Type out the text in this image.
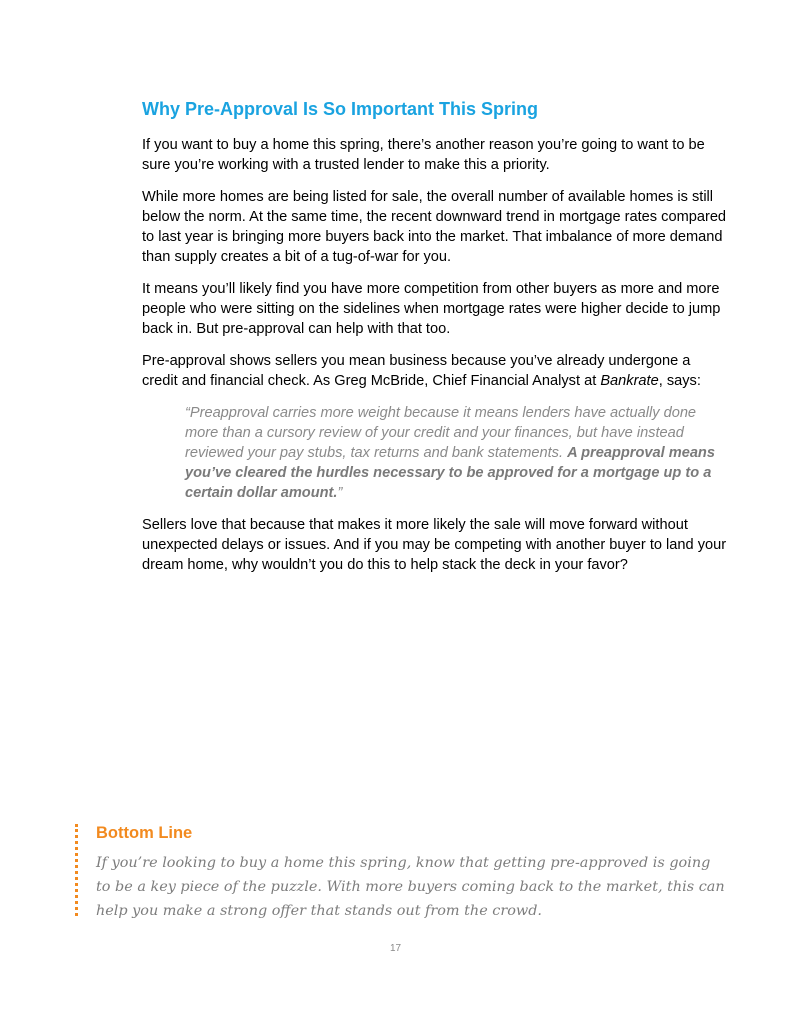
Why Pre-Approval Is So Important This Spring

If you want to buy a home this spring, there’s another reason you’re going to want to be sure you’re working with a trusted lender to make this a priority.

While more homes are being listed for sale, the overall number of available homes is still below the norm. At the same time, the recent downward trend in mortgage rates compared to last year is bringing more buyers back into the market. That imbalance of more demand than supply creates a bit of a tug-of-war for you.

It means you’ll likely find you have more competition from other buyers as more and more people who were sitting on the sidelines when mortgage rates were higher decide to jump back in. But pre-approval can help with that too.

Pre-approval shows sellers you mean business because you’ve already undergone a credit and financial check. As Greg McBride, Chief Financial Analyst at Bankrate, says:

“Preapproval carries more weight because it means lenders have actually done more than a cursory review of your credit and your finances, but have instead reviewed your pay stubs, tax returns and bank statements. A preapproval means you’ve cleared the hurdles necessary to be approved for a mortgage up to a certain dollar amount.”

Sellers love that because that makes it more likely the sale will move forward without unexpected delays or issues. And if you may be competing with another buyer to land your dream home, why wouldn’t you do this to help stack the deck in your favor?

Bottom Line

If you’re looking to buy a home this spring, know that getting pre-approved is going to be a key piece of the puzzle. With more buyers coming back to the market, this can help you make a strong offer that stands out from the crowd.

17
